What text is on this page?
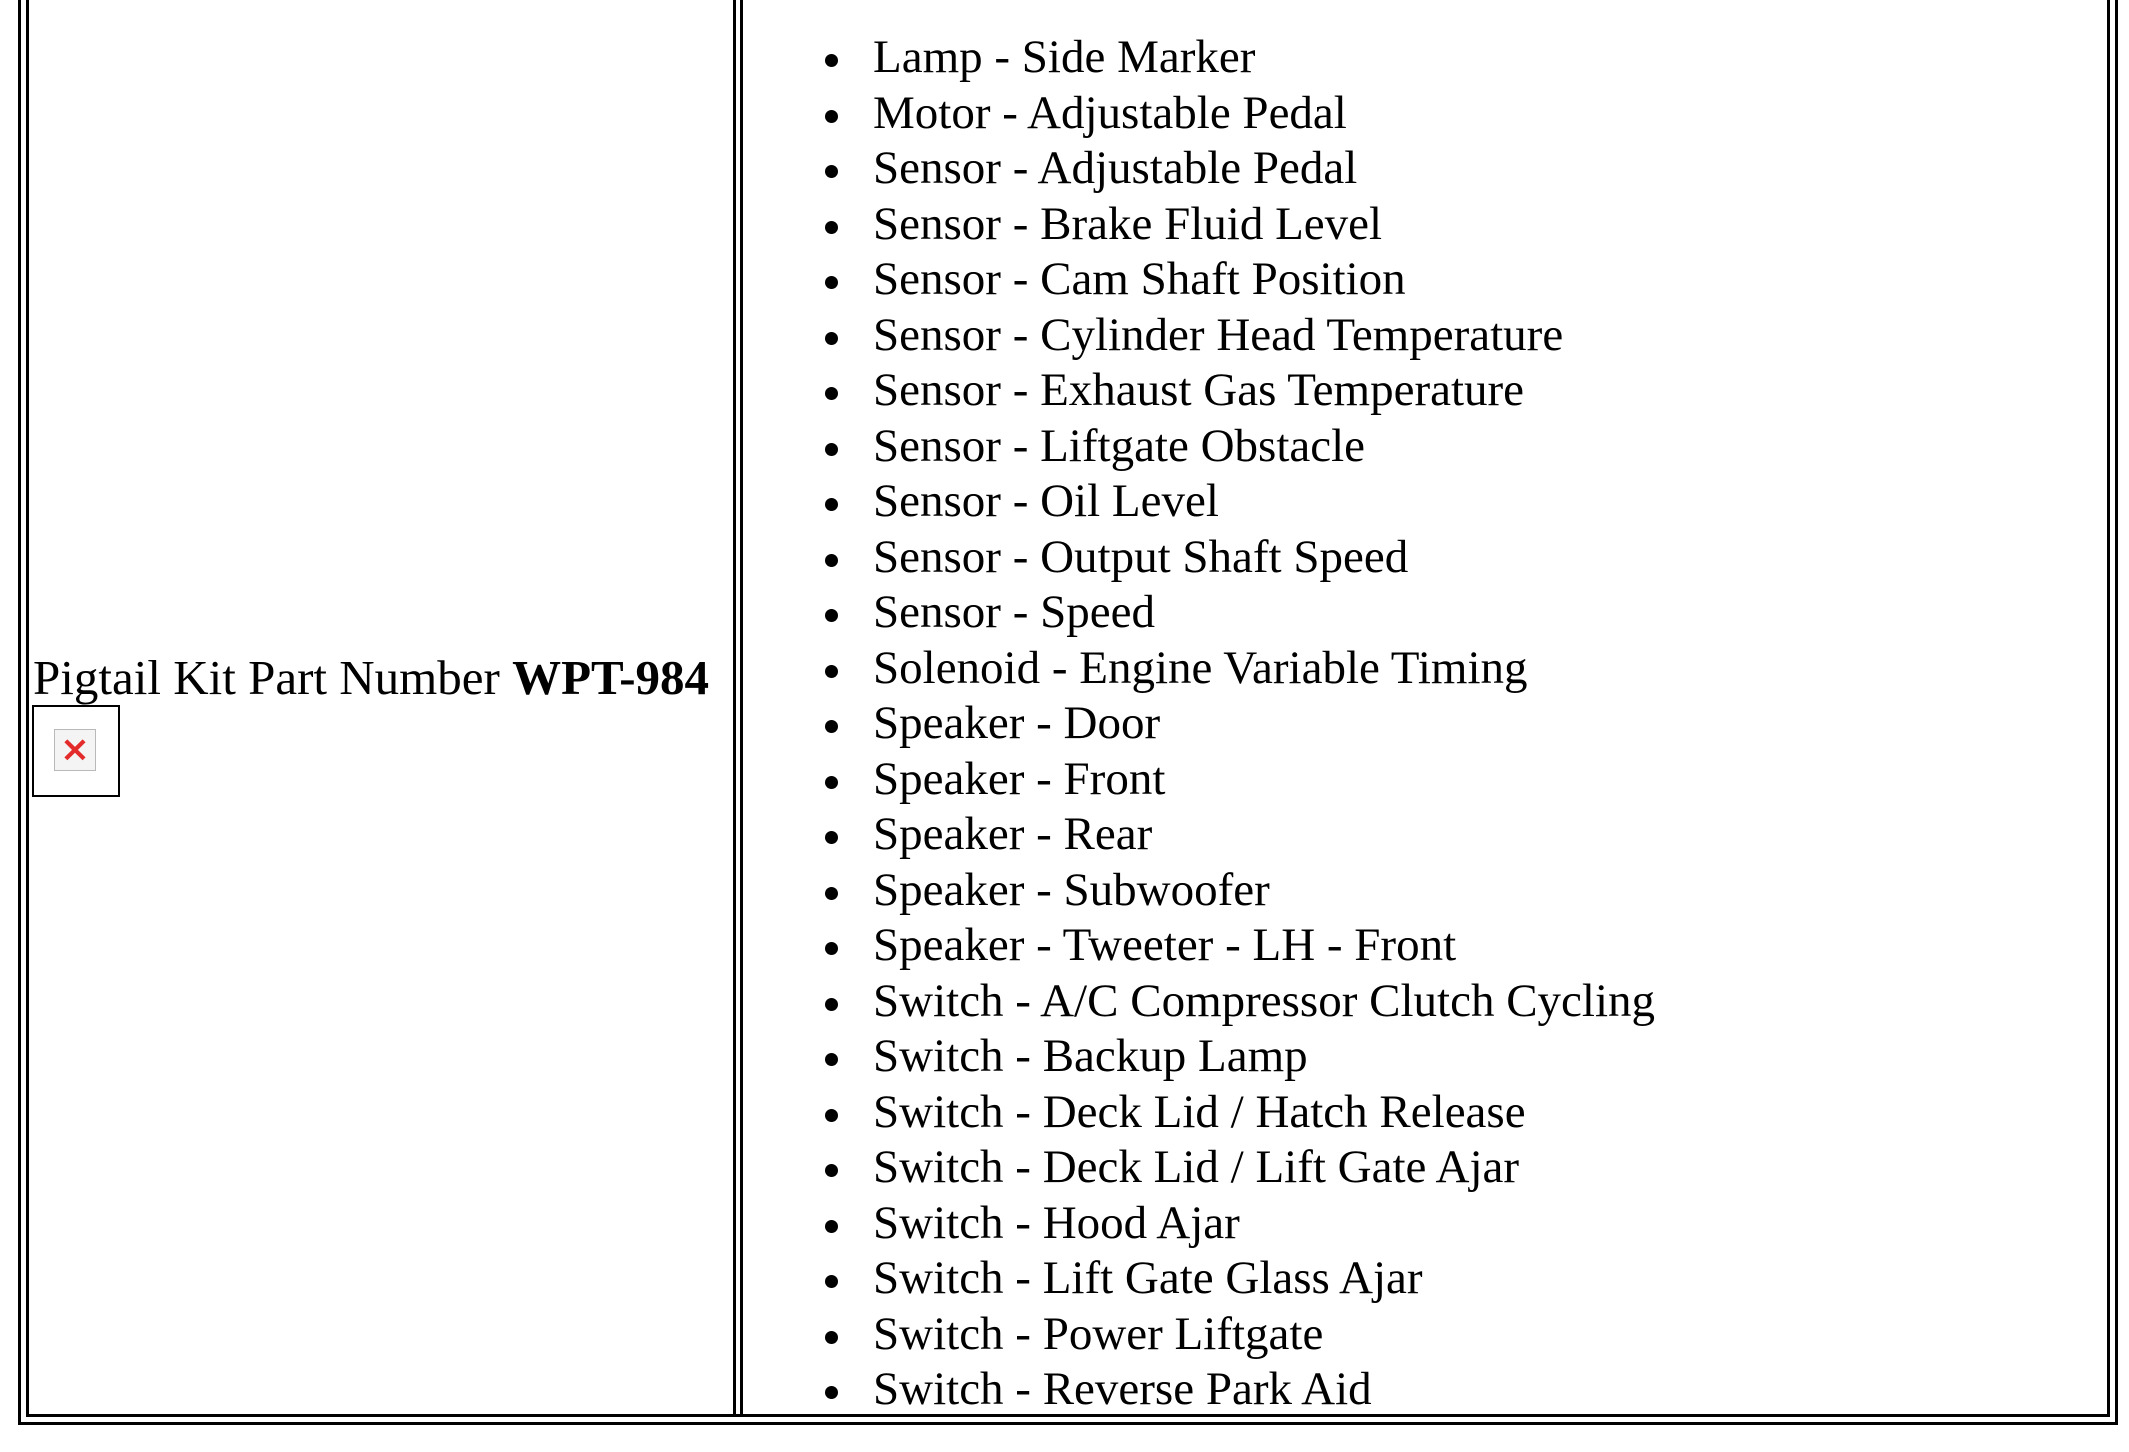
Pigtail Kit Part Number WPT-984
×
Lamp - Side Marker
Motor - Adjustable Pedal
Sensor - Adjustable Pedal
Sensor - Brake Fluid Level
Sensor - Cam Shaft Position
Sensor - Cylinder Head Temperature
Sensor - Exhaust Gas Temperature
Sensor - Liftgate Obstacle
Sensor - Oil Level
Sensor - Output Shaft Speed
Sensor - Speed
Solenoid - Engine Variable Timing
Speaker - Door
Speaker - Front
Speaker - Rear
Speaker - Subwoofer
Speaker - Tweeter - LH - Front
Switch - A/C Compressor Clutch Cycling
Switch - Backup Lamp
Switch - Deck Lid / Hatch Release
Switch - Deck Lid / Lift Gate Ajar
Switch - Hood Ajar
Switch - Lift Gate Glass Ajar
Switch - Power Liftgate
Switch - Reverse Park Aid
